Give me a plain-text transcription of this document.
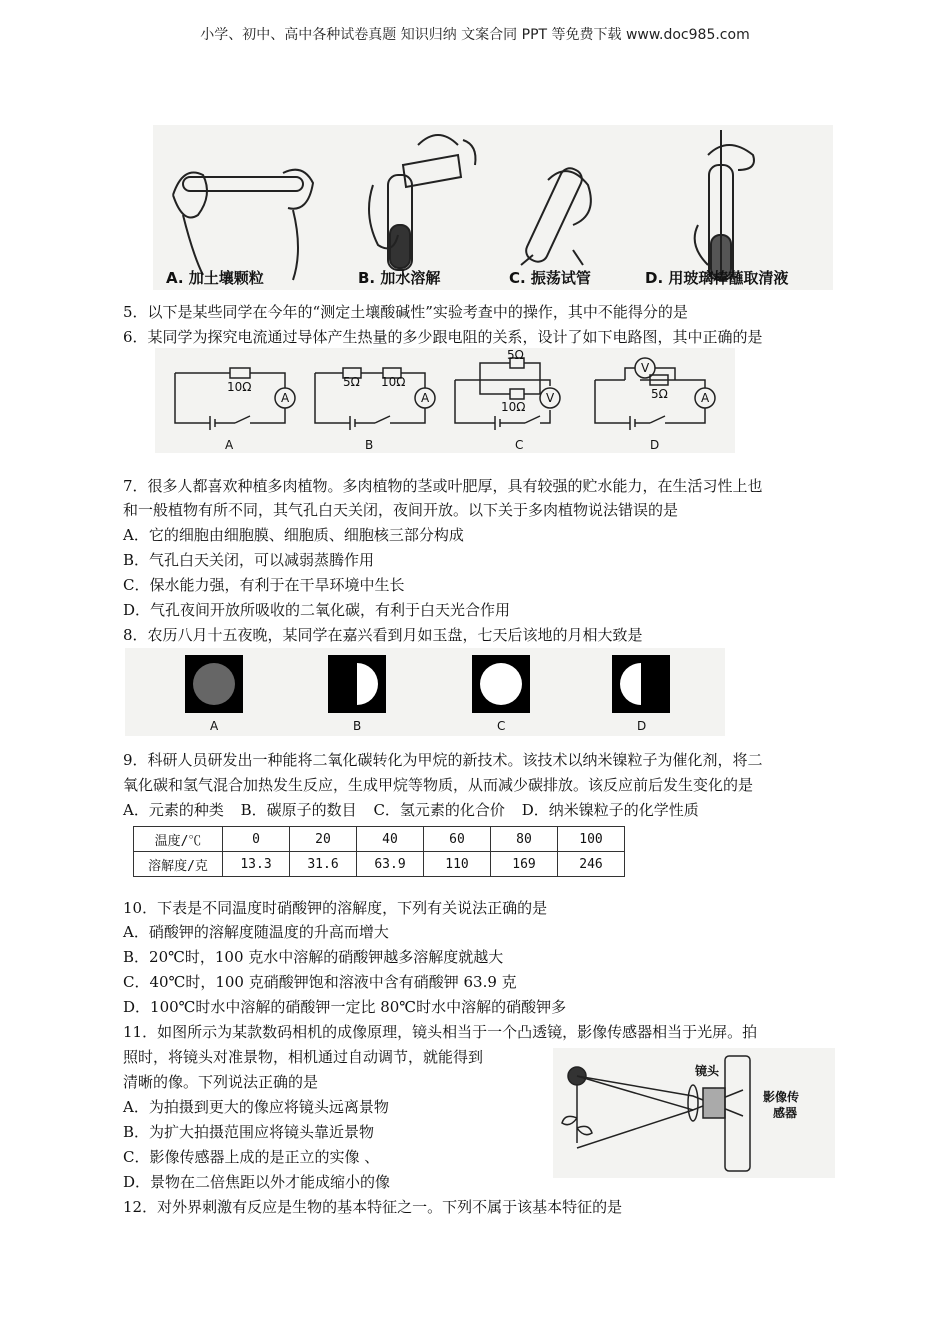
小学、初中、高中各种试卷真题 知识归纳 文案合同 PPT 等免费下载 www.doc985.com
A. 加土壤颗粒	B. 加水溶解	C. 振荡试管	D. 用玻璃棒蘸取清液
5．以下是某些同学在今年的“测定土壤酸碱性”实验考查中的操作，其中不能得分的是
6．某同学为探究电流通过导体产生热量的多少跟电阻的关系，设计了如下电路图，其中正确的是
10Ω
A
A
5Ω 10Ω
A
B
5Ω
10Ω
V
C
V
5Ω	A
D
7．很多人都喜欢种植多肉植物。多肉植物的茎或叶肥厚，具有较强的贮水能力，在生活习性上也
和一般植物有所不同，其气孔白天关闭，夜间开放。以下关于多肉植物说法错误的是
A．它的细胞由细胞膜、细胞质、细胞核三部分构成
B．气孔白天关闭，可以减弱蒸腾作用
C．保水能力强，有利于在干旱环境中生长
D．气孔夜间开放所吸收的二氧化碳，有利于白天光合作用
8．农历八月十五夜晚，某同学在嘉兴看到月如玉盘，七天后该地的月相大致是
A	B	C	D
9．科研人员研发出一种能将二氧化碳转化为甲烷的新技术。该技术以纳米镍粒子为催化剂，将二
氧化碳和氢气混合加热发生反应，生成甲烷等物质，从而减少碳排放。该反应前后发生变化的是
A．元素的种类 B．碳原子的数目 C．氢元素的化合价 D．纳米镍粒子的化学性质
温度/℃	0	20	40	60	80	100
溶解度/克	13.3	31.6	63.9	110	169	246
10．下表是不同温度时硝酸钾的溶解度，下列有关说法正确的是
A．硝酸钾的溶解度随温度的升高而增大
B．20℃时，100 克水中溶解的硝酸钾越多溶解度就越大
C．40℃时，100 克硝酸钾饱和溶液中含有硝酸钾 63.9 克
D．100℃时水中溶解的硝酸钾一定比 80℃时水中溶解的硝酸钾多
11．如图所示为某款数码相机的成像原理，镜头相当于一个凸透镜，影像传感器相当于光屏。拍
照时，将镜头对准景物，相机通过自动调节，就能得到
清晰的像。下列说法正确的是
A．为拍摄到更大的像应将镜头远离景物
B．为扩大拍摄范围应将镜头靠近景物
C．影像传感器上成的是正立的实像 、
D．景物在二倍焦距以外才能成缩小的像
镜头
影像传
感器
12．对外界刺激有反应是生物的基本特征之一。下列不属于该基本特征的是
